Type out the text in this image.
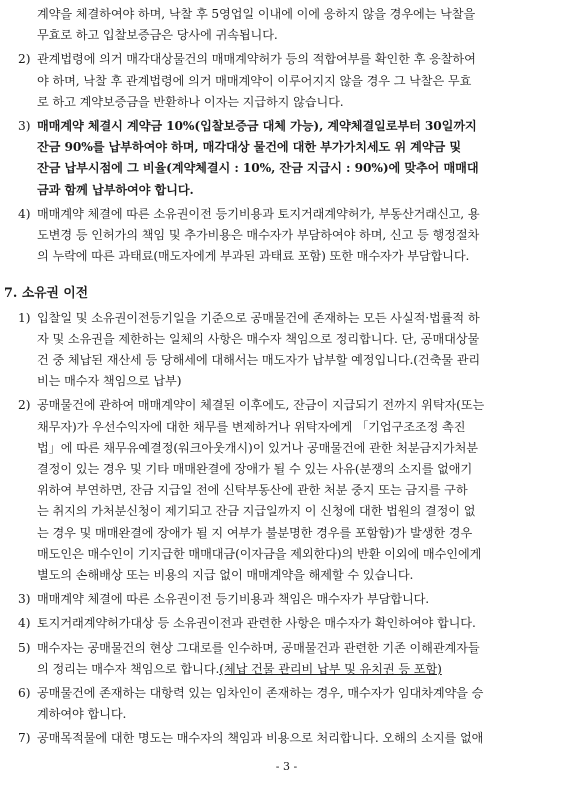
계약을 체결하여야 하며, 낙찰 후 5영업일 이내에 이에 응하지 않을 경우에는 낙찰을
무효로 하고 입찰보증금은 당사에 귀속됩니다.
2) 관계법령에 의거 매각대상물건의 매매계약허가 등의 적합여부를 확인한 후 응찰하여
야 하며, 낙찰 후 관계법령에 의거 매매계약이 이루어지지 않을 경우 그 낙찰은 무효
로 하고 계약보증금을 반환하나 이자는 지급하지 않습니다.
3) 매매계약 체결시 계약금 10%(입찰보증금 대체 가능), 계약체결일로부터 30일까지
잔금 90%를 납부하여야 하며, 매각대상 물건에 대한 부가가치세도 위 계약금 및
잔금 납부시점에 그 비율(계약체결시 : 10%, 잔금 지급시 : 90%)에 맞추어 매매대
금과 함께 납부하여야 합니다.
4) 매매계약 체결에 따른 소유권이전 등기비용과 토지거래계약허가, 부동산거래신고, 용
도변경 등 인허가의 책임 및 추가비용은 매수자가 부담하여야 하며, 신고 등 행정절차
의 누락에 따른 과태료(매도자에게 부과된 과태료 포함) 또한 매수자가 부담합니다.
7. 소유권 이전
1) 입찰일 및 소유권이전등기일을 기준으로 공매물건에 존재하는 모든 사실적·법률적 하
자 및 소유권을 제한하는 일체의 사항은 매수자 책임으로 정리합니다. 단, 공매대상물
건 중 체납된 재산세 등 당해세에 대해서는 매도자가 납부할 예정입니다.(건축물 관리
비는 매수자 책임으로 납부)
2) 공매물건에 관하여 매매계약이 체결된 이후에도, 잔금이 지급되기 전까지 위탁자(또는
채무자)가 우선수익자에 대한 채무를 변제하거나 위탁자에게 「기업구조조정 촉진
법」에 따른 채무유예결정(워크아웃개시)이 있거나 공매물건에 관한 처분금지가처분
결정이 있는 경우 및 기타 매매완결에 장애가 될 수 있는 사유(분쟁의 소지를 없애기
위하여 부연하면, 잔금 지급일 전에 신탁부동산에 관한 처분 중지 또는 금지를 구하
는 취지의 가처분신청이 제기되고 잔금 지급일까지 이 신청에 대한 법원의 결정이 없
는 경우 및 매매완결에 장애가 될 지 여부가 불분명한 경우를 포함함)가 발생한 경우
매도인은 매수인이 기지급한 매매대금(이자금을 제외한다)의 반환 이외에 매수인에게
별도의 손해배상 또는 비용의 지급 없이 매매계약을 해제할 수 있습니다.
3) 매매계약 체결에 따른 소유권이전 등기비용과 책임은 매수자가 부담합니다.
4) 토지거래계약허가대상 등 소유권이전과 관련한 사항은 매수자가 확인하여야 합니다.
5) 매수자는 공매물건의 현상 그대로를 인수하며, 공매물건과 관련한 기존 이해관계자들
의 정리는 매수자 책임으로 합니다.(체납 건물 관리비 납부 및 유치권 등 포함)
6) 공매물건에 존재하는 대항력 있는 임차인이 존재하는 경우, 매수자가 임대차계약을 승
계하여야 합니다.
7) 공매목적물에 대한 명도는 매수자의 책임과 비용으로 처리합니다. 오해의 소지를 없애
- 3 -
